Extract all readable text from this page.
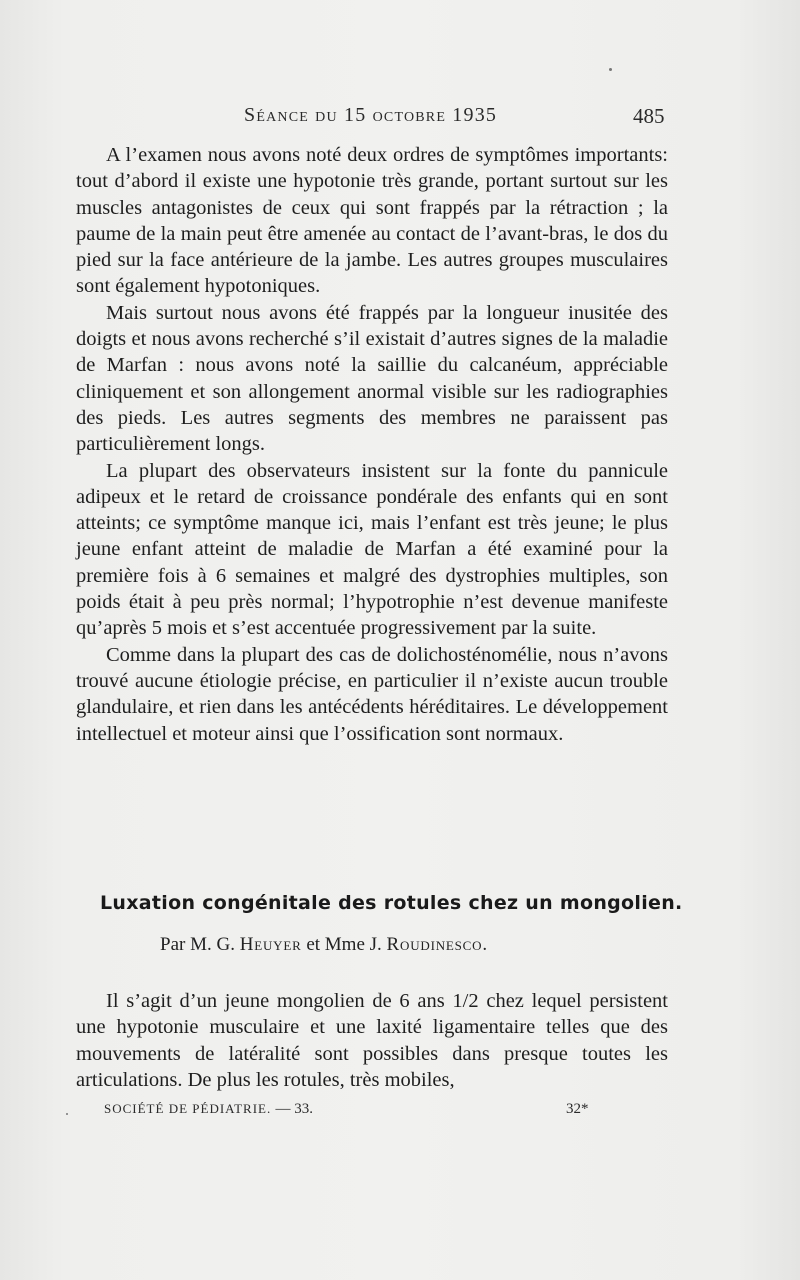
Séance du 15 octobre 1935	485

A l’examen nous avons noté deux ordres de symptômes importants: tout d’abord il existe une hypotonie très grande, portant surtout sur les muscles antagonistes de ceux qui sont frappés par la rétraction ; la paume de la main peut être amenée au contact de l’avant-bras, le dos du pied sur la face antérieure de la jambe. Les autres groupes musculaires sont également hypotoniques.

Mais surtout nous avons été frappés par la longueur inusitée des doigts et nous avons recherché s’il existait d’autres signes de la maladie de Marfan : nous avons noté la saillie du calcanéum, appréciable cliniquement et son allongement anormal visible sur les radiographies des pieds. Les autres segments des membres ne paraissent pas particulièrement longs.

La plupart des observateurs insistent sur la fonte du pannicule adipeux et le retard de croissance pondérale des enfants qui en sont atteints; ce symptôme manque ici, mais l’enfant est très jeune; le plus jeune enfant atteint de maladie de Marfan a été examiné pour la première fois à 6 semaines et malgré des dystrophies multiples, son poids était à peu près normal; l’hypotrophie n’est devenue manifeste qu’après 5 mois et s’est accentuée progressivement par la suite.

Comme dans la plupart des cas de dolichosténomélie, nous n’avons trouvé aucune étiologie précise, en particulier il n’existe aucun trouble glandulaire, et rien dans les antécédents héréditaires. Le développement intellectuel et moteur ainsi que l’ossification sont normaux.

Luxation congénitale des rotules chez un mongolien.
Par M. G. Heuyer et Mme J. Roudinesco.

Il s’agit d’un jeune mongolien de 6 ans 1/2 chez lequel persistent une hypotonie musculaire et une laxité ligamentaire telles que des mouvements de latéralité sont possibles dans presque toutes les articulations. De plus les rotules, très mobiles,

SOCIÉTÉ DE PÉDIATRIE. — 33.	32*
